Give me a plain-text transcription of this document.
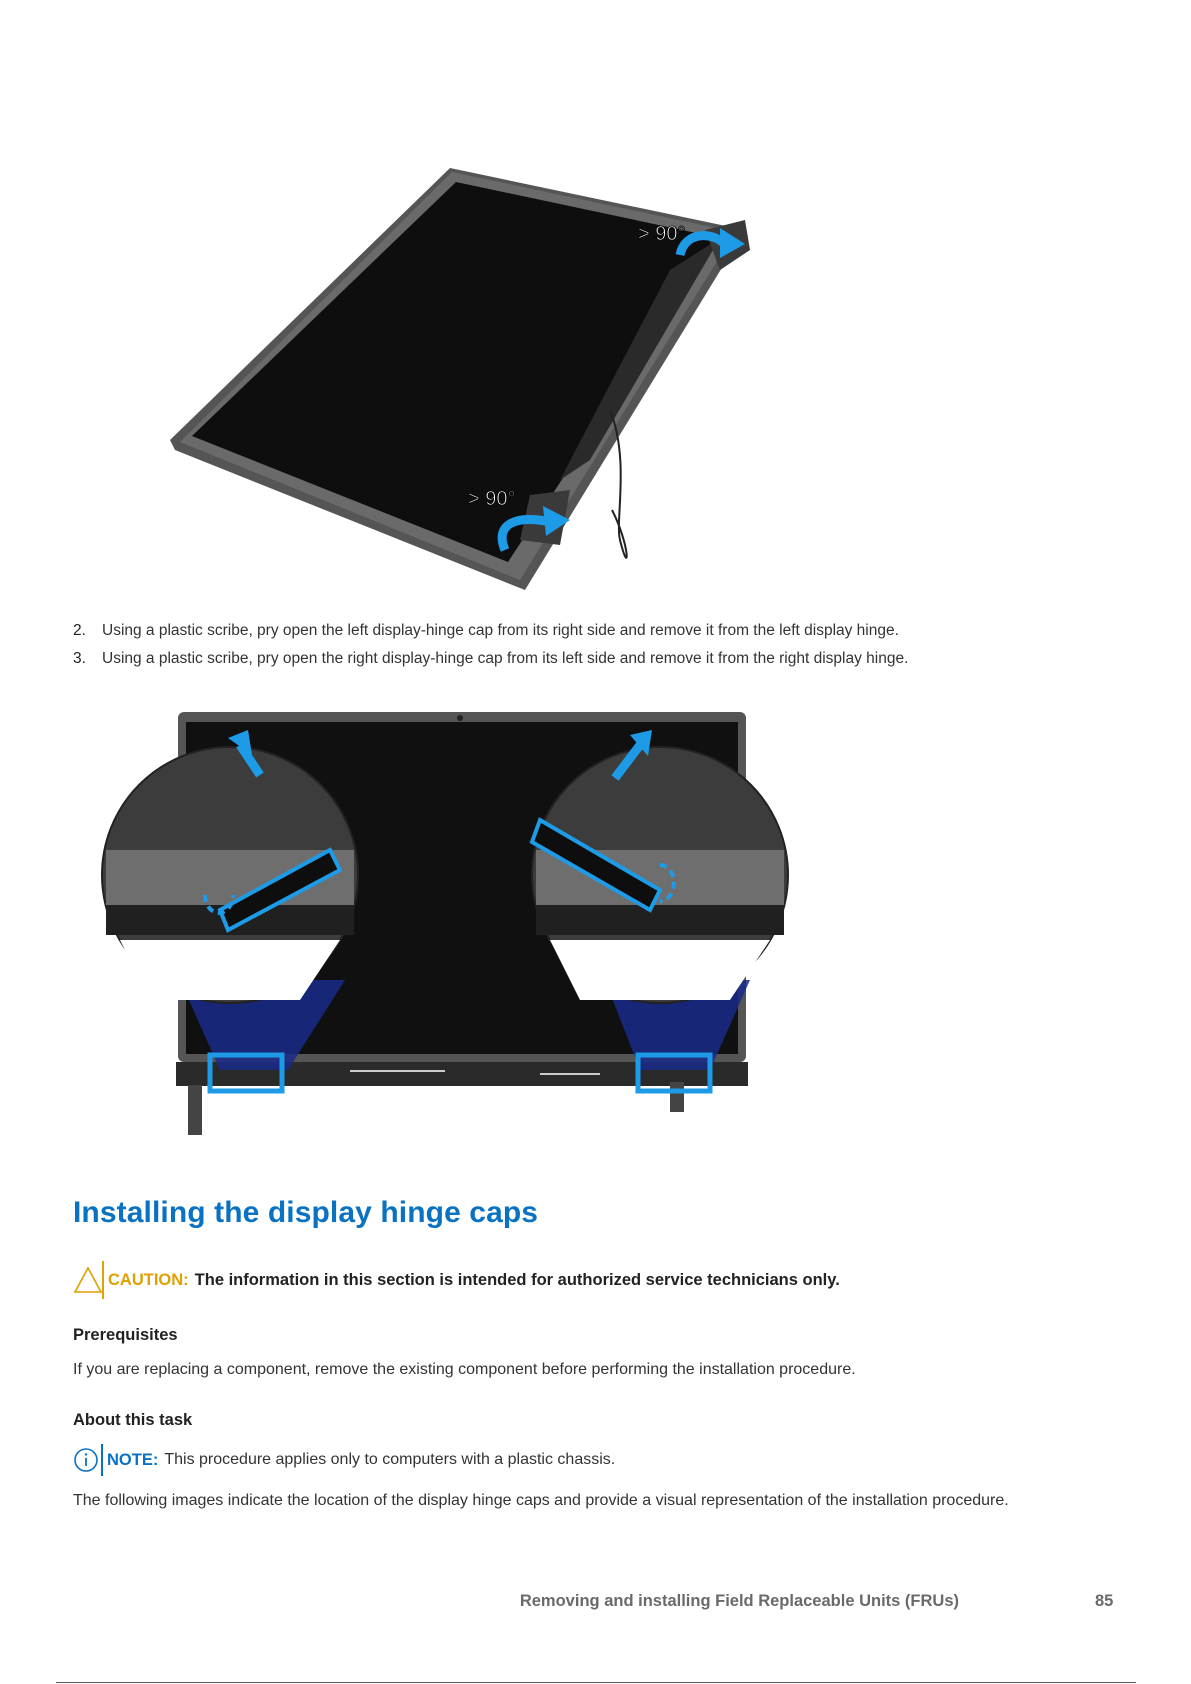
> 90°
> 90°
2.	Using a plastic scribe, pry open the left display-hinge cap from its right side and remove it from the left display hinge.
3.	Using a plastic scribe, pry open the right display-hinge cap from its left side and remove it from the right display hinge.
Installing the display hinge caps
CAUTION: The information in this section is intended for authorized service technicians only.
Prerequisites
If you are replacing a component, remove the existing component before performing the installation procedure.
About this task
NOTE: This procedure applies only to computers with a plastic chassis.
The following images indicate the location of the display hinge caps and provide a visual representation of the installation procedure.
Removing and installing Field Replaceable Units (FRUs)	85
